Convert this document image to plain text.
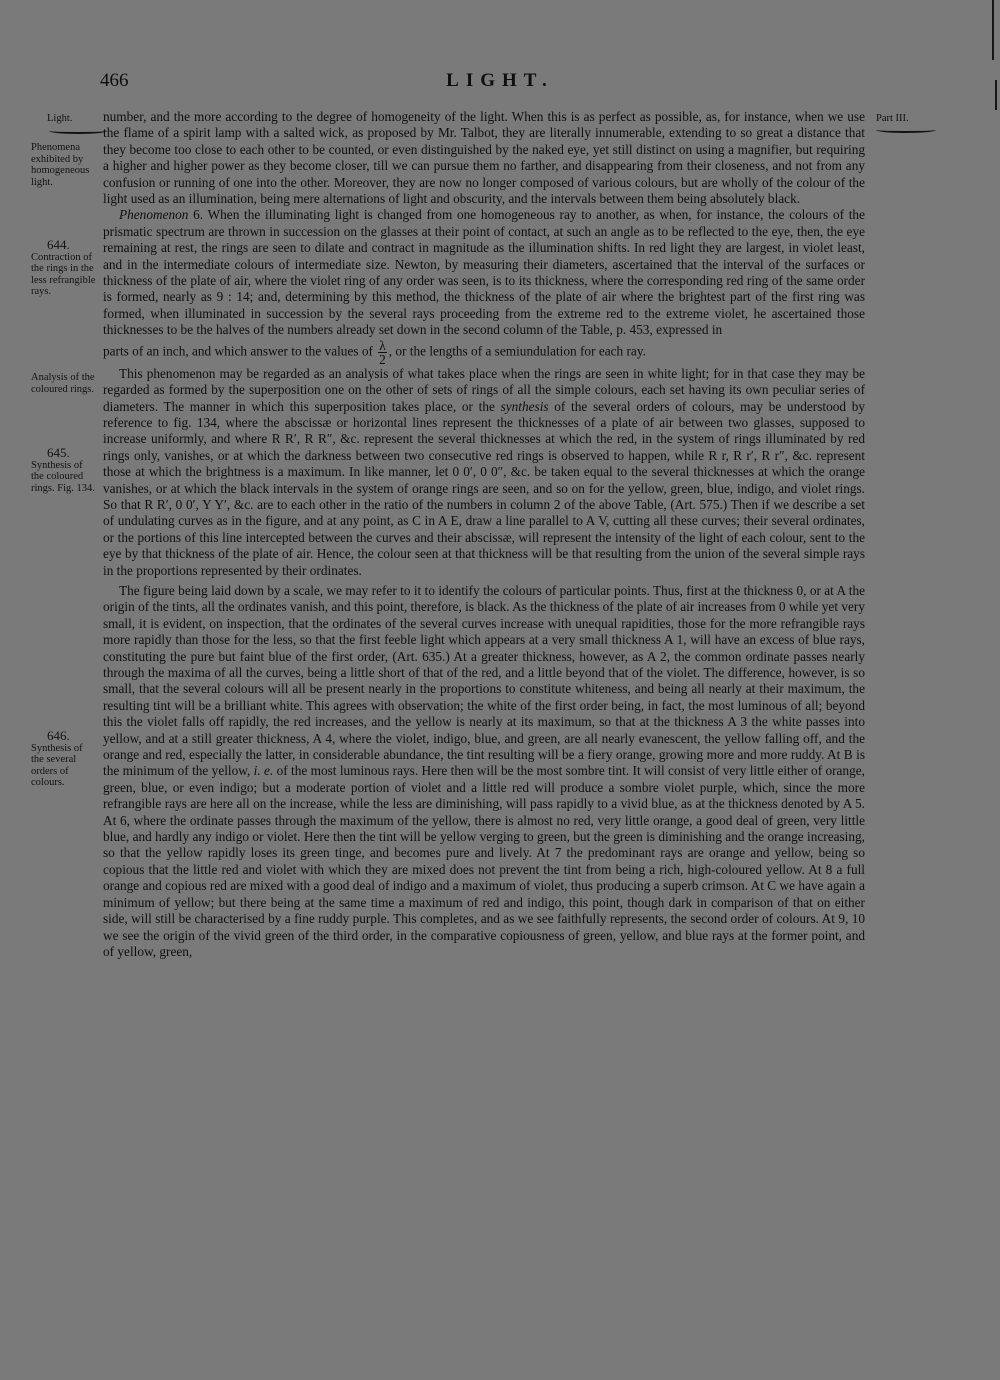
466	LIGHT.
Part III.
Light.
Phenomena exhibited by homogeneous light.
644.
Contraction of the rings in the less refrangible rays.
Analysis of the coloured rings.
645.
Synthesis of the coloured rings. Fig. 134.
646.
Synthesis of the several orders of colours.

number, and the more according to the degree of homogeneity of the light. When this is as perfect as possible, as, for instance, when we use the flame of a spirit lamp with a salted wick, as proposed by Mr. Talbot, they are literally innumerable, extending to so great a distance that they become too close to each other to be counted, or even distinguished by the naked eye, yet still distinct on using a magnifier, but requiring a higher and higher power as they become closer, till we can pursue them no farther, and disappearing from their closeness, and not from any confusion or running of one into the other. Moreover, they are now no longer composed of various colours, but are wholly of the colour of the light used as an illumination, being mere alternations of light and obscurity, and the intervals between them being absolutely black.

Phenomenon 6. When the illuminating light is changed from one homogeneous ray to another, as when, for instance, the colours of the prismatic spectrum are thrown in succession on the glasses at their point of contact, at such an angle as to be reflected to the eye, then, the eye remaining at rest, the rings are seen to dilate and contract in magnitude as the illumination shifts. In red light they are largest, in violet least, and in the intermediate colours of intermediate size. Newton, by measuring their diameters, ascertained that the interval of the surfaces or thickness of the plate of air, where the violet ring of any order was seen, is to its thickness, where the corresponding red ring of the same order is formed, nearly as 9 : 14; and, determining by this method, the thickness of the plate of air where the brightest part of the first ring was formed, when illuminated in succession by the several rays proceeding from the extreme red to the extreme violet, he ascertained those thicknesses to be the halves of the numbers already set down in the second column of the Table, p. 453, expressed in

parts of an inch, and which answer to the values of $\frac{\lambda}{2}$ , or the lengths of a semiundulation for each ray.

This phenomenon may be regarded as an analysis of what takes place when the rings are seen in white light; for in that case they may be regarded as formed by the superposition one on the other of sets of rings of all the simple colours, each set having its own peculiar series of diameters. The manner in which this superposition takes place, or the synthesis of the several orders of colours, may be understood by reference to fig. 134, where the abscissæ or horizontal lines represent the thicknesses of a plate of air between two glasses, supposed to increase uniformly, and where R R′, R R″, &c. represent the several thicknesses at which the red, in the system of rings illuminated by red rings only, vanishes, or at which the darkness between two consecutive red rings is observed to happen, while R r, R r′, R r″, &c. represent those at which the brightness is a maximum. In like manner, let 0 0′, 0 0″, &c. be taken equal to the several thicknesses at which the orange vanishes, or at which the black intervals in the system of orange rings are seen, and so on for the yellow, green, blue, indigo, and violet rings. So that R R′, 0 0′, Y Y′, &c. are to each other in the ratio of the numbers in column 2 of the above Table, (Art. 575.) Then if we describe a set of undulating curves as in the figure, and at any point, as C in A E, draw a line parallel to A V, cutting all these curves; their several ordinates, or the portions of this line intercepted between the curves and their abscissæ, will represent the intensity of the light of each colour, sent to the eye by that thickness of the plate of air. Hence, the colour seen at that thickness will be that resulting from the union of the several simple rays in the proportions represented by their ordinates.

The figure being laid down by a scale, we may refer to it to identify the colours of particular points. Thus, first at the thickness 0, or at A the origin of the tints, all the ordinates vanish, and this point, therefore, is black. As the thickness of the plate of air increases from 0 while yet very small, it is evident, on inspection, that the ordinates of the several curves increase with unequal rapidities, those for the more refrangible rays more rapidly than those for the less, so that the first feeble light which appears at a very small thickness A 1, will have an excess of blue rays, constituting the pure but faint blue of the first order, (Art. 635.) At a greater thickness, however, as A 2, the common ordinate passes nearly through the maxima of all the curves, being a little short of that of the red, and a little beyond that of the violet. The difference, however, is so small, that the several colours will all be present nearly in the proportions to constitute whiteness, and being all nearly at their maximum, the resulting tint will be a brilliant white. This agrees with observation; the white of the first order being, in fact, the most luminous of all; beyond this the violet falls off rapidly, the red increases, and the yellow is nearly at its maximum, so that at the thickness A 3 the white passes into yellow, and at a still greater thickness, A 4, where the violet, indigo, blue, and green, are all nearly evanescent, the yellow falling off, and the orange and red, especially the latter, in considerable abundance, the tint resulting will be a fiery orange, growing more and more ruddy. At B is the minimum of the yellow, i. e. of the most luminous rays. Here then will be the most sombre tint. It will consist of very little either of orange, green, blue, or even indigo; but a moderate portion of violet and a little red will produce a sombre violet purple, which, since the more refrangible rays are here all on the increase, while the less are diminishing, will pass rapidly to a vivid blue, as at the thickness denoted by A 5. At 6, where the ordinate passes through the maximum of the yellow, there is almost no red, very little orange, a good deal of green, very little blue, and hardly any indigo or violet. Here then the tint will be yellow verging to green, but the green is diminishing and the orange increasing, so that the yellow rapidly loses its green tinge, and becomes pure and lively. At 7 the predominant rays are orange and yellow, being so copious that the little red and violet with which they are mixed does not prevent the tint from being a rich, high-coloured yellow. At 8 a full orange and copious red are mixed with a good deal of indigo and a maximum of violet, thus producing a superb crimson. At C we have again a minimum of yellow; but there being at the same time a maximum of red and indigo, this point, though dark in comparison of that on either side, will still be characterised by a fine ruddy purple. This completes, and as we see faithfully represents, the second order of colours. At 9, 10 we see the origin of the vivid green of the third order, in the comparative copiousness of green, yellow, and blue rays at the former point, and of yellow, green,
